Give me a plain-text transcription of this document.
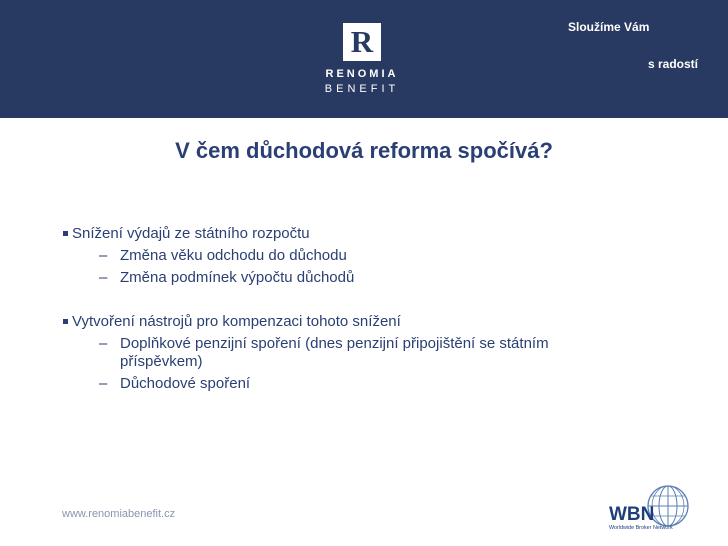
R
RENOMIA
BENEFIT
Sloužíme Vám
s radostí
V čem důchodová reforma spočívá?
Snížení výdajů ze státního rozpočtu
– Změna věku odchodu do důchodu
– Změna podmínek výpočtu důchodů
Vytvoření nástrojů pro kompenzaci tohoto snížení
– Doplňkové penzijní spoření (dnes penzijní připojištění se státním příspěvkem)
– Důchodové spoření
www.renomiabenefit.cz	WBN
Worldwide Broker Network
